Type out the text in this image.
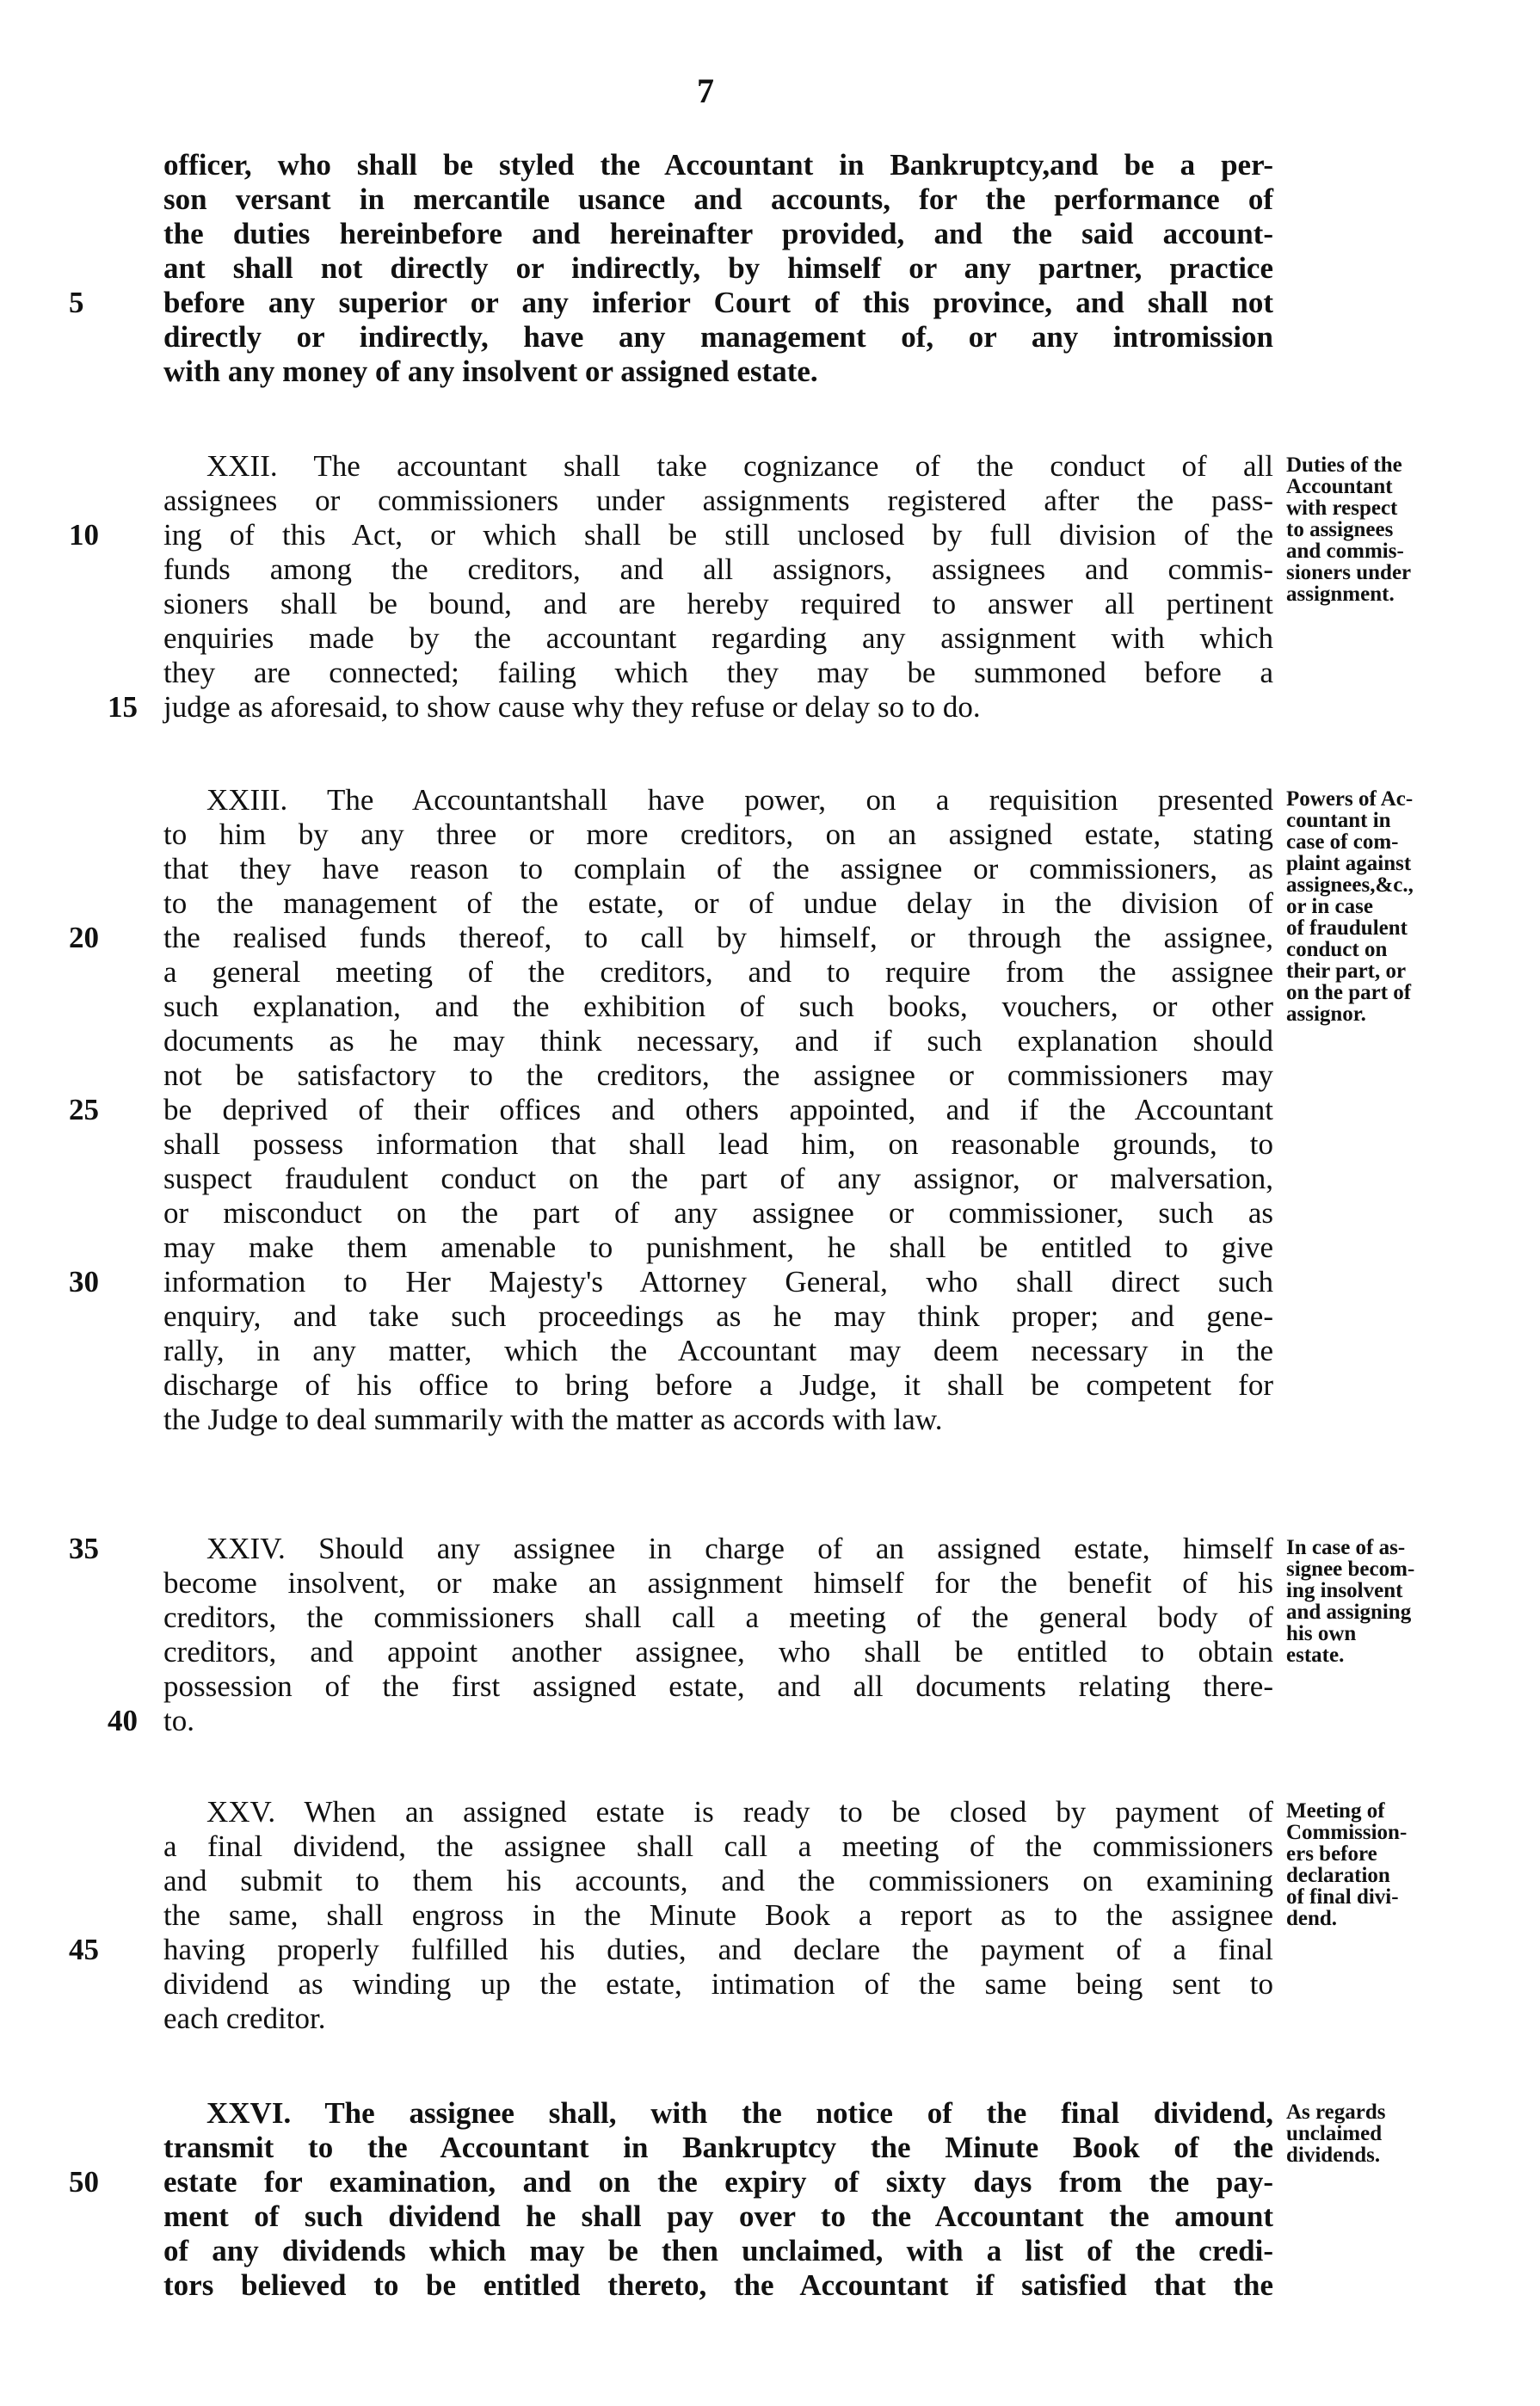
7
officer, who shall be styled the Accountant in Bankruptcy,and be a per-
son versant in mercantile usance and accounts, for the performance of
the duties hereinbefore and hereinafter provided, and the said account-
ant shall not directly or indirectly, by himself or any partner, practice
before any superior or any inferior Court of this province, and shall not
5
directly or indirectly, have any management of, or any intromission
with any money of any insolvent or assigned estate.
XXII. The accountant shall take cognizance of the conduct of all
assignees or commissioners under assignments registered after the pass-
ing of this Act, or which shall be still unclosed by full division of the
10
funds among the creditors, and all assignors, assignees and commis-
sioners shall be bound, and are hereby required to answer all pertinent
enquiries made by the accountant regarding any assignment with which
they are connected; failing which they may be summoned before a
judge as aforesaid, to show cause why they refuse or delay so to do.
15
Duties of the
Accountant
with respect
to assignees
and commis-
sioners under
assignment.
XXIII. The Accountantshall have power, on a requisition presented
to him by any three or more creditors, on an assigned estate, stating
that they have reason to complain of the assignee or commissioners, as
to the management of the estate, or of undue delay in the division of
the realised funds thereof, to call by himself, or through the assignee,
20
a general meeting of the creditors, and to require from the assignee
such explanation, and the exhibition of such books, vouchers, or other
documents as he may think necessary, and if such explanation should
not be satisfactory to the creditors, the assignee or commissioners may
be deprived of their offices and others appointed, and if the Accountant
25
shall possess information that shall lead him, on reasonable grounds, to
suspect fraudulent conduct on the part of any assignor, or malversation,
or misconduct on the part of any assignee or commissioner, such as
may make them amenable to punishment, he shall be entitled to give
information to Her Majesty's Attorney General, who shall direct such
30
enquiry, and take such proceedings as he may think proper; and gene-
rally, in any matter, which the Accountant may deem necessary in the
discharge of his office to bring before a Judge, it shall be competent for
the Judge to deal summarily with the matter as accords with law.
Powers of Ac-
countant in
case of com-
plaint against
assignees,&c.,
or in case
of fraudulent
conduct on
their part, or
on the part of
assignor.
XXIV. Should any assignee in charge of an assigned estate, himself
35
become insolvent, or make an assignment himself for the benefit of his
creditors, the commissioners shall call a meeting of the general body of
creditors, and appoint another assignee, who shall be entitled to obtain
possession of the first assigned estate, and all documents relating there-
to.
40
In case of as-
signee becom-
ing insolvent
and assigning
his own
estate.
XXV. When an assigned estate is ready to be closed by payment of
a final dividend, the assignee shall call a meeting of the commissioners
and submit to them his accounts, and the commissioners on examining
the same, shall engross in the Minute Book a report as to the assignee
having properly fulfilled his duties, and declare the payment of a final
45
dividend as winding up the estate, intimation of the same being sent to
each creditor.
Meeting of
Commission-
ers before
declaration
of final divi-
dend.
XXVI. The assignee shall, with the notice of the final dividend,
transmit to the Accountant in Bankruptcy the Minute Book of the
estate for examination, and on the expiry of sixty days from the pay-
50
ment of such dividend he shall pay over to the Accountant the amount
of any dividends which may be then unclaimed, with a list of the credi-
tors believed to be entitled thereto, the Accountant if satisfied that the
As regards
unclaimed
dividends.
